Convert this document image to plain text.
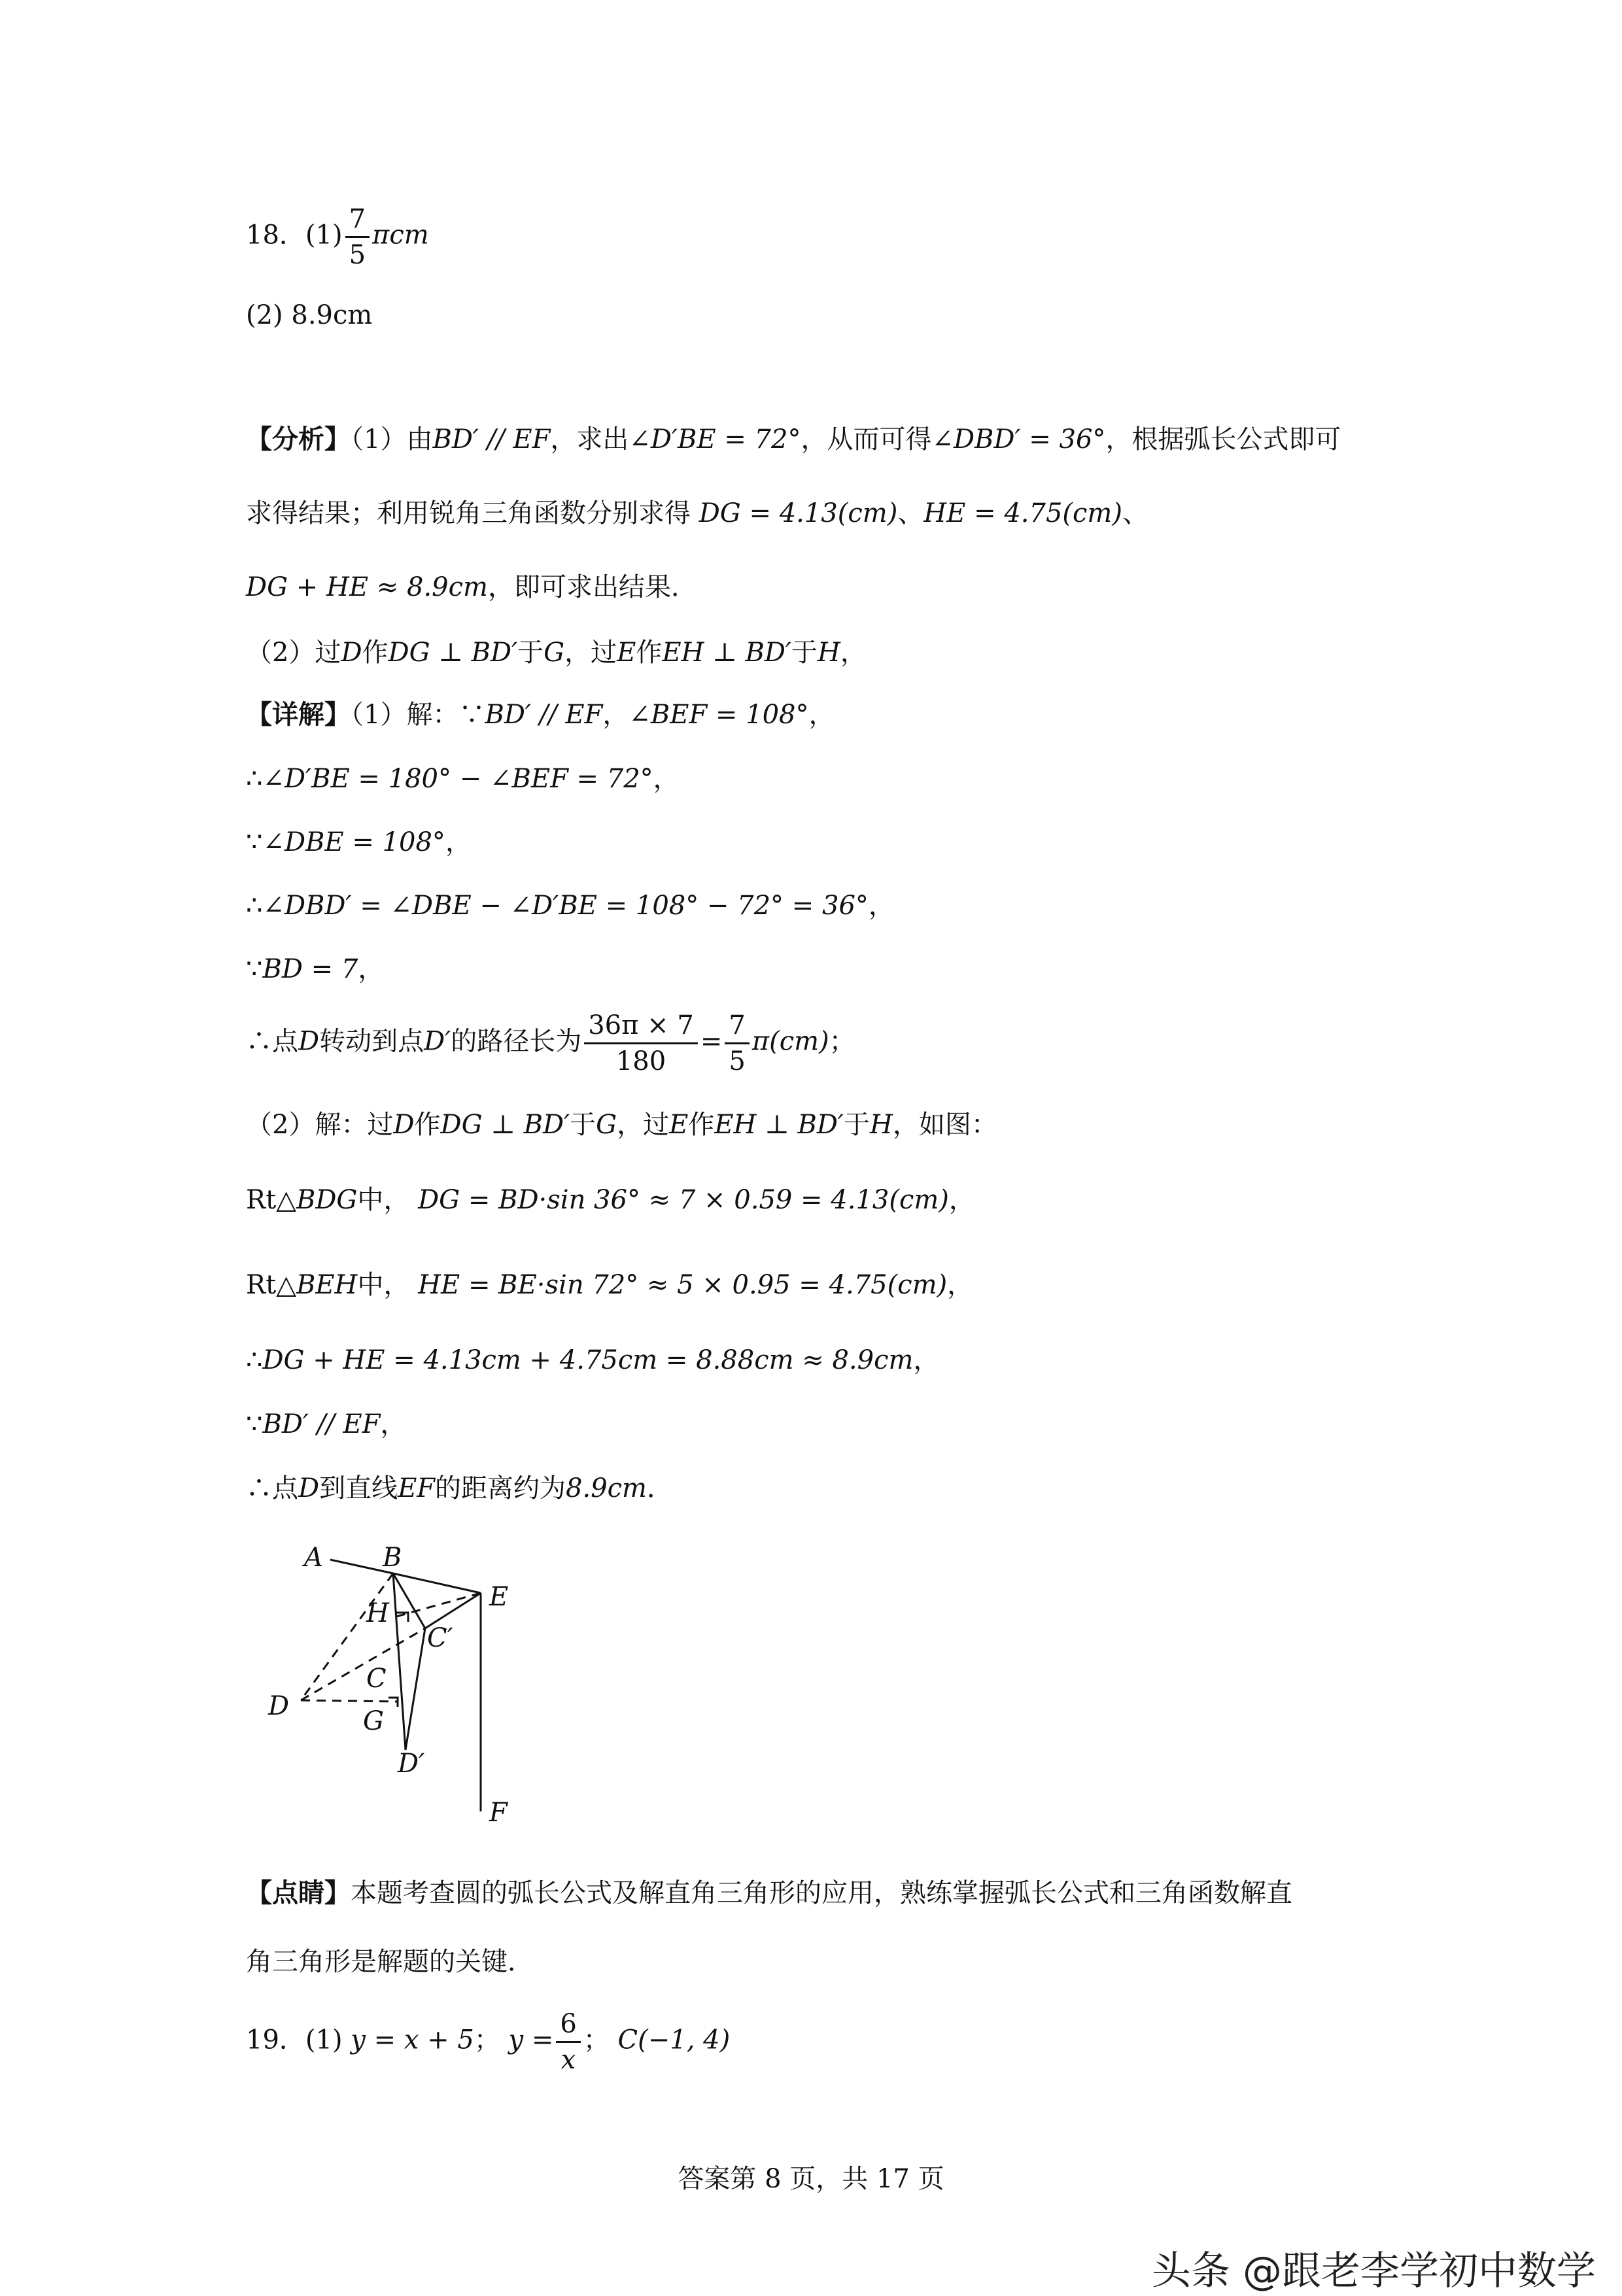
18．$(1) \frac{7}{5}$ πcm
(2) 8.9cm
【分析】（1）由BD′ // EF，求出∠D′BE = 72°，从而可得∠DBD′ = 36°，根据弧长公式即可
求得结果；利用锐角三角函数分别求得 DG = 4.13(cm)、HE = 4.75(cm)、
DG + HE ≈ 8.9cm，即可求出结果．
（2）过D作DG ⊥ BD′于G，过E作EH ⊥ BD′于H，
【详解】（1）解：∵BD′ // EF，∠BEF = 108°，
∴∠D′BE = 180° − ∠BEF = 72°，
∵∠DBE = 108°，
∴∠DBD′ = ∠DBE − ∠D′BE = 108° − 72° = 36°，
∵BD = 7，
∴点D转动到点D′的路径长为 $\frac{36\pi \times 7}{180} = \frac{7}{5} \pi(cm)$；
（2）解：过D作DG ⊥ BD′于G，过E作EH ⊥ BD′于H，如图：
Rt△BDG中， DG = BD·sin 36° ≈ 7 × 0.59 = 4.13(cm)，
Rt△BEH中， HE = BE·sin 72° ≈ 5 × 0.95 = 4.75(cm)，
∴DG + HE = 4.13cm + 4.75cm = 8.88cm ≈ 8.9cm，
∵BD′ // EF，
∴点D到直线EF的距离约为8.9cm．
A B
E
H
C′
C
D	G
D′
F
【点睛】本题考查圆的弧长公式及解直角三角形的应用，熟练掌握弧长公式和三角函数解直
角三角形是解题的关键．
19．(1) y = x + 5； $y = \frac{6}{x}$ ； C(−1, 4)
答案第 8 页，共 17 页
头条 @跟老李学初中数学
